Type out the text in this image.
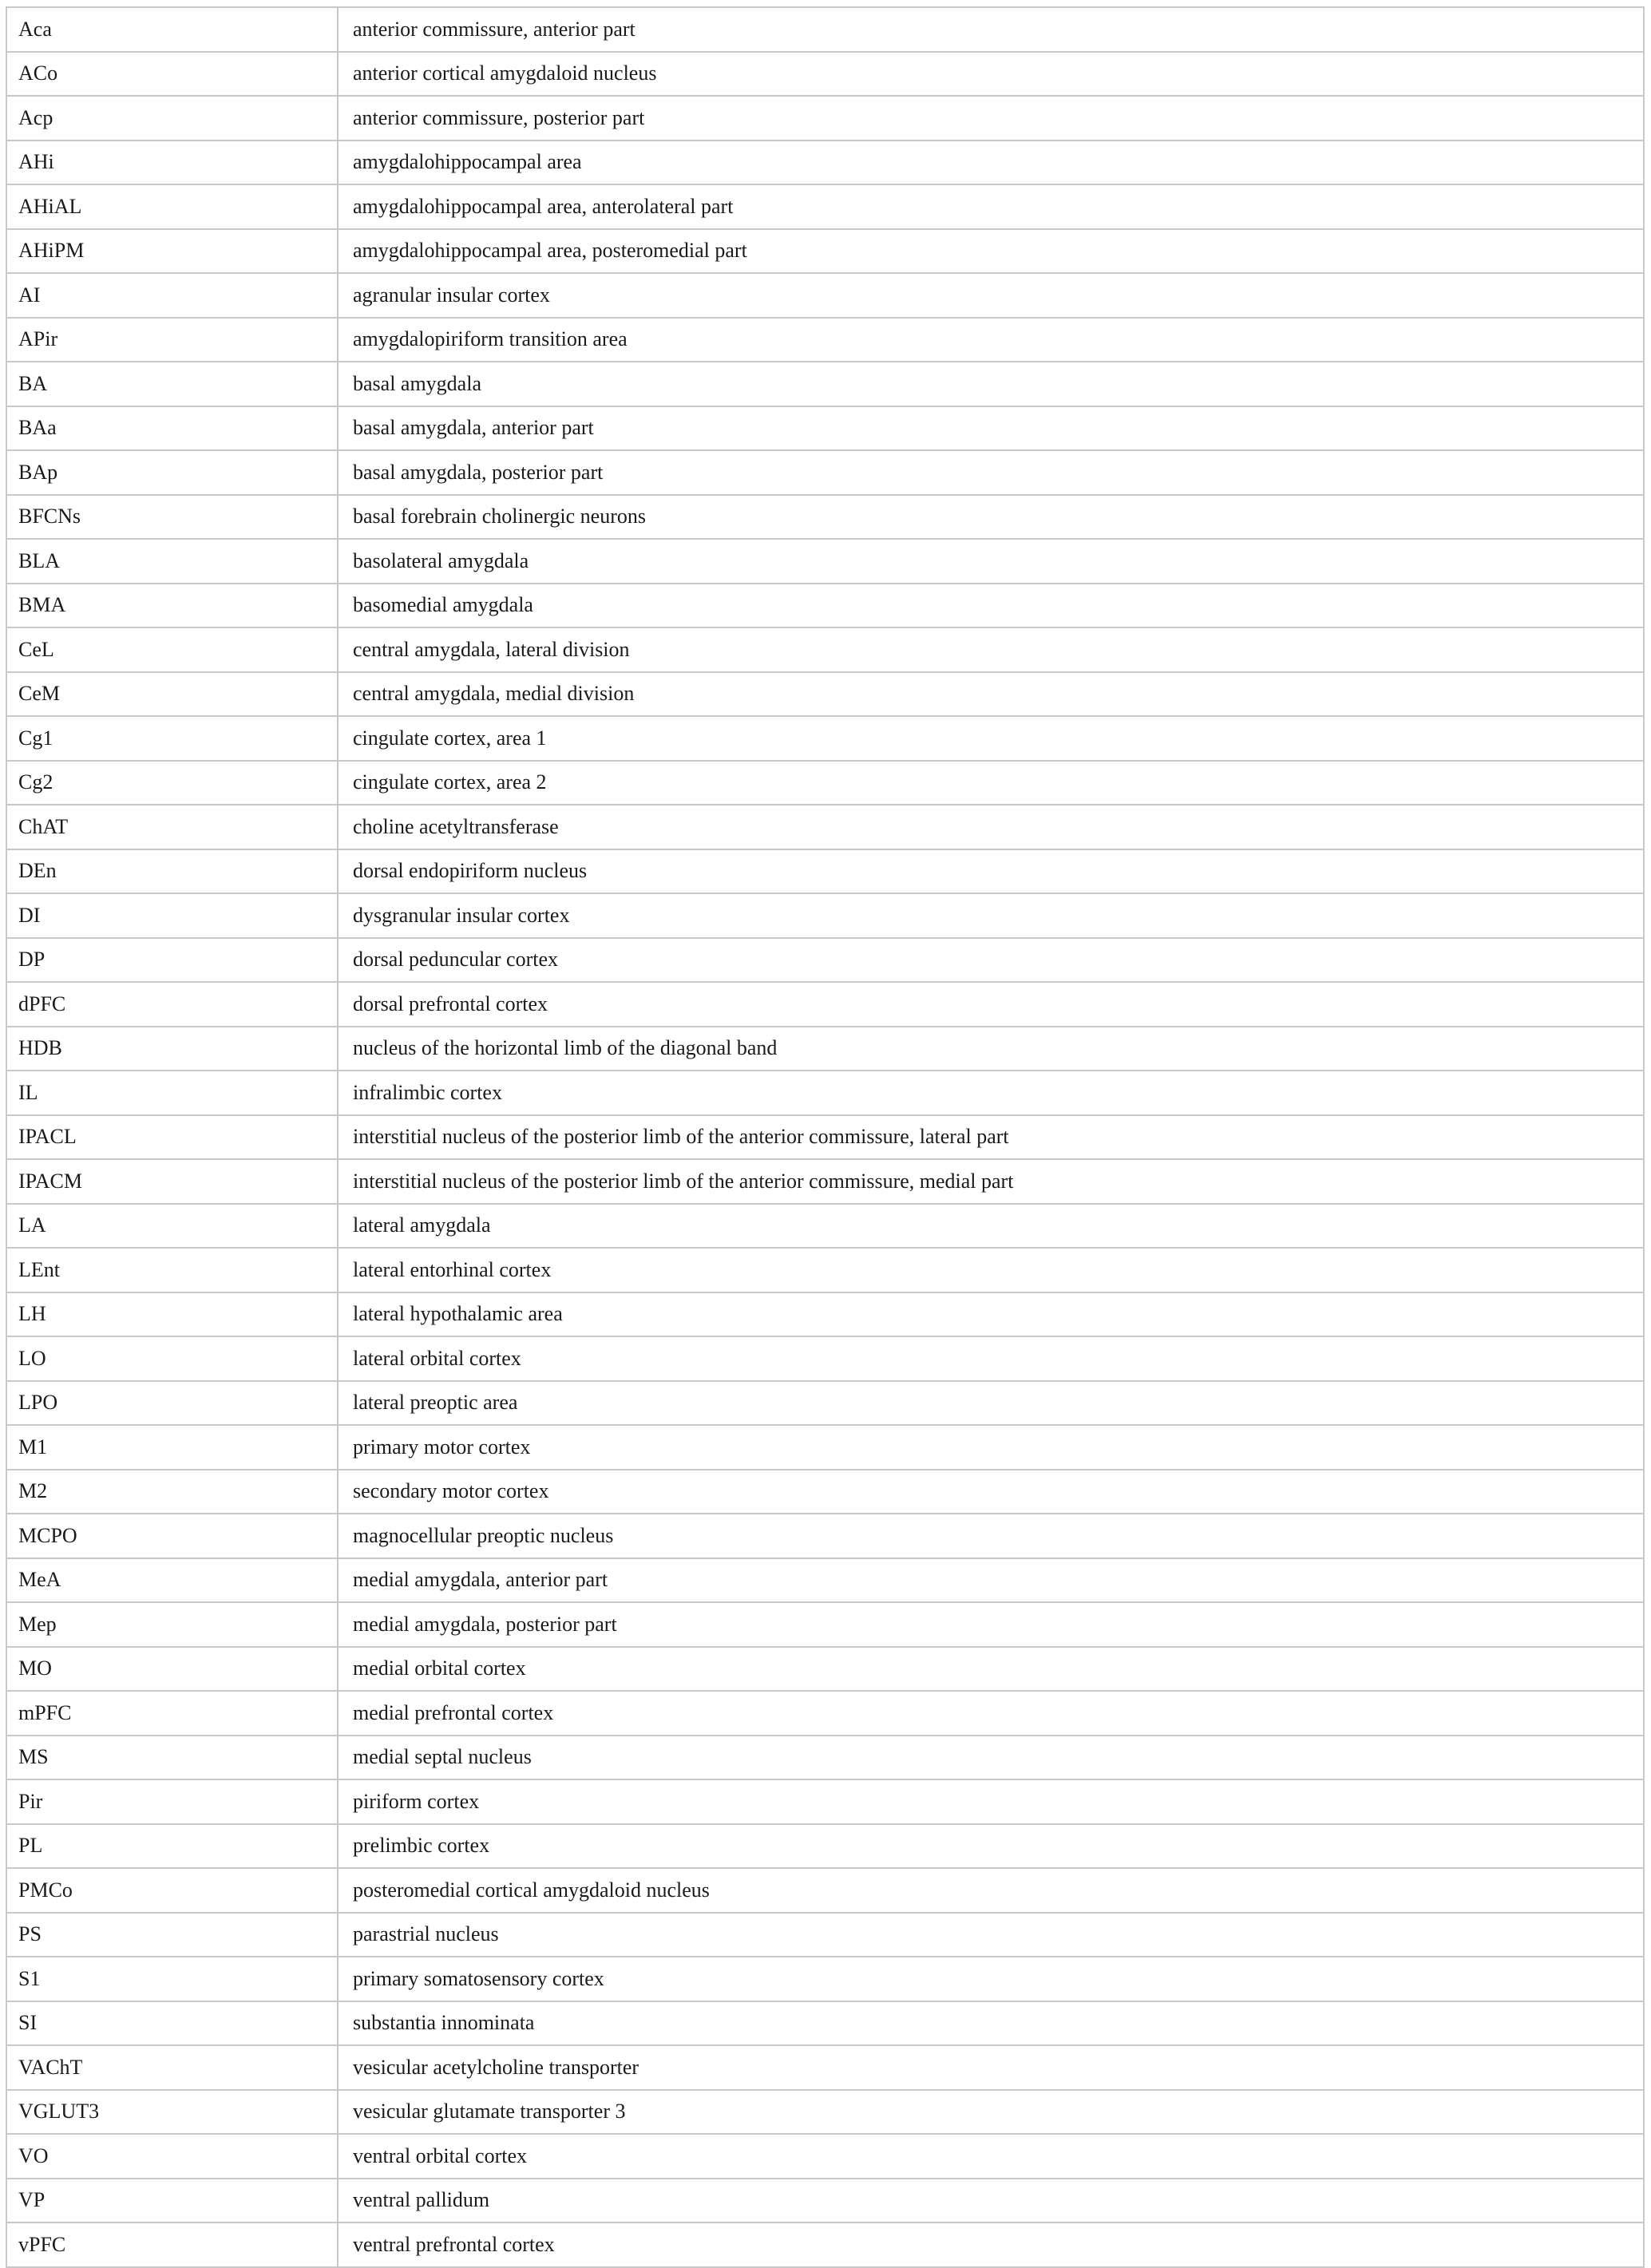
Aca	anterior commissure, anterior part
ACo	anterior cortical amygdaloid nucleus
Acp	anterior commissure, posterior part
AHi	amygdalohippocampal area
AHiAL	amygdalohippocampal area, anterolateral part
AHiPM	amygdalohippocampal area, posteromedial part
AI	agranular insular cortex
APir	amygdalopiriform transition area
BA	basal amygdala
BAa	basal amygdala, anterior part
BAp	basal amygdala, posterior part
BFCNs	basal forebrain cholinergic neurons
BLA	basolateral amygdala
BMA	basomedial amygdala
CeL	central amygdala, lateral division
CeM	central amygdala, medial division
Cg1	cingulate cortex, area 1
Cg2	cingulate cortex, area 2
ChAT	choline acetyltransferase
DEn	dorsal endopiriform nucleus
DI	dysgranular insular cortex
DP	dorsal peduncular cortex
dPFC	dorsal prefrontal cortex
HDB	nucleus of the horizontal limb of the diagonal band
IL	infralimbic cortex
IPACL	interstitial nucleus of the posterior limb of the anterior commissure, lateral part
IPACM	interstitial nucleus of the posterior limb of the anterior commissure, medial part
LA	lateral amygdala
LEnt	lateral entorhinal cortex
LH	lateral hypothalamic area
LO	lateral orbital cortex
LPO	lateral preoptic area
M1	primary motor cortex
M2	secondary motor cortex
MCPO	magnocellular preoptic nucleus
MeA	medial amygdala, anterior part
Mep	medial amygdala, posterior part
MO	medial orbital cortex
mPFC	medial prefrontal cortex
MS	medial septal nucleus
Pir	piriform cortex
PL	prelimbic cortex
PMCo	posteromedial cortical amygdaloid nucleus
PS	parastrial nucleus
S1	primary somatosensory cortex
SI	substantia innominata
VAChT	vesicular acetylcholine transporter
VGLUT3	vesicular glutamate transporter 3
VO	ventral orbital cortex
VP	ventral pallidum
vPFC	ventral prefrontal cortex
